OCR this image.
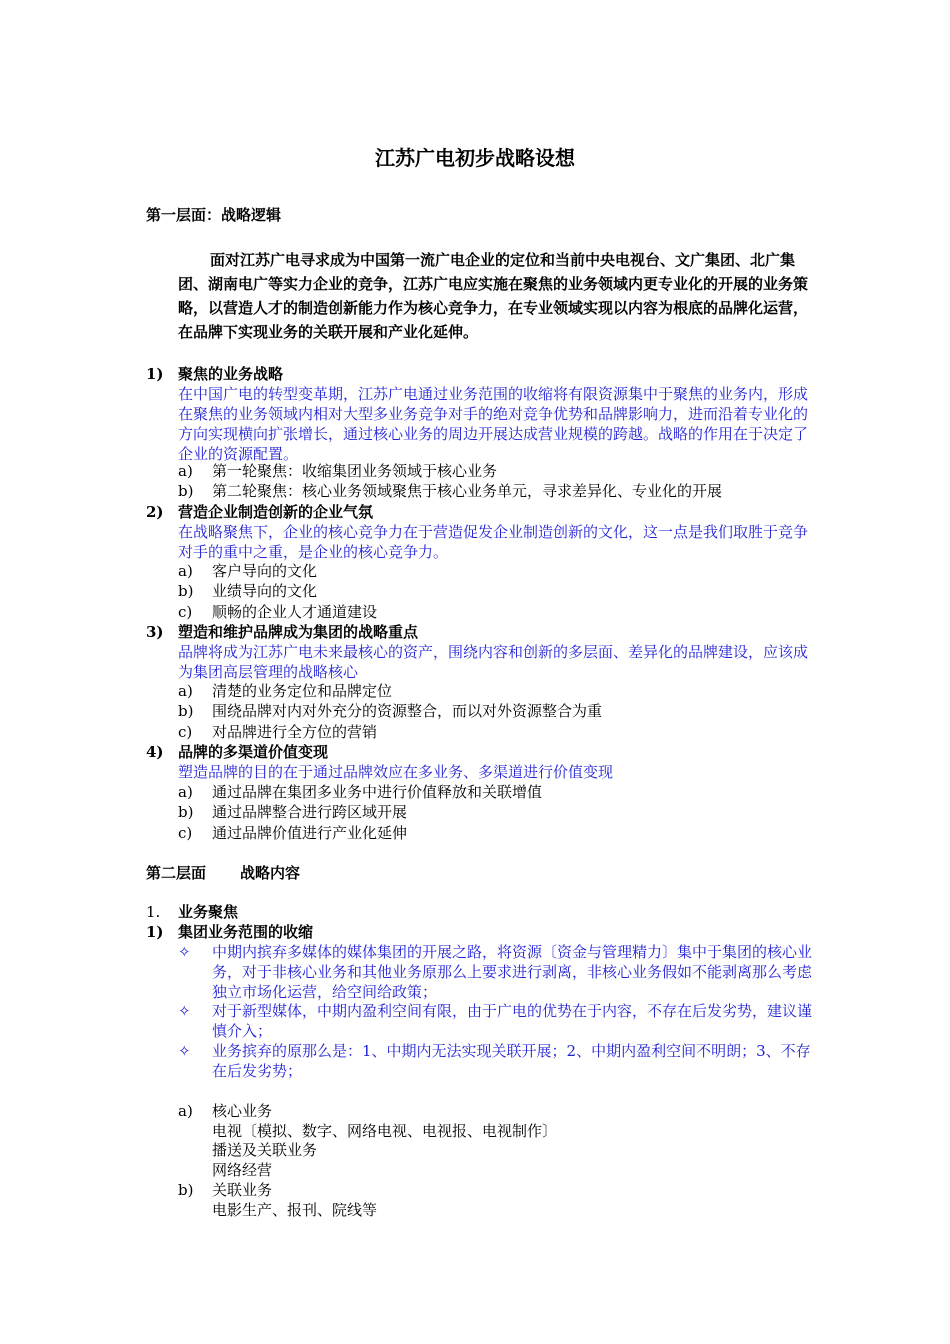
江苏广电初步战略设想
第一层面：战略逻辑
面对江苏广电寻求成为中国第一流广电企业的定位和当前中央电视台、文广集团、北广集团、湖南电广等实力企业的竞争，江苏广电应实施在聚焦的业务领域内更专业化的开展的业务策略，以营造人才的制造创新能力作为核心竞争力，在专业领域实现以内容为根底的品牌化运营，在品牌下实现业务的关联开展和产业化延伸。
1) 聚焦的业务战略
在中国广电的转型变革期，江苏广电通过业务范围的收缩将有限资源集中于聚焦的业务内，形成在聚焦的业务领域内相对大型多业务竞争对手的绝对竞争优势和品牌影响力，进而沿着专业化的方向实现横向扩张增长，通过核心业务的周边开展达成营业规模的跨越。战略的作用在于决定了企业的资源配置。
a) 第一轮聚焦：收缩集团业务领域于核心业务
b) 第二轮聚焦：核心业务领域聚焦于核心业务单元，寻求差异化、专业化的开展
2) 营造企业制造创新的企业气氛
在战略聚焦下，企业的核心竞争力在于营造促发企业制造创新的文化，这一点是我们取胜于竞争对手的重中之重，是企业的核心竞争力。
a) 客户导向的文化
b) 业绩导向的文化
c) 顺畅的企业人才通道建设
3) 塑造和维护品牌成为集团的战略重点
品牌将成为江苏广电未来最核心的资产，围绕内容和创新的多层面、差异化的品牌建设，应该成为集团高层管理的战略核心
a) 清楚的业务定位和品牌定位
b) 围绕品牌对内对外充分的资源整合，而以对外资源整合为重
c) 对品牌进行全方位的营销
4) 品牌的多渠道价值变现
塑造品牌的目的在于通过品牌效应在多业务、多渠道进行价值变现
a) 通过品牌在集团多业务中进行价值释放和关联增值
b) 通过品牌整合进行跨区域开展
c) 通过品牌价值进行产业化延伸
第二层面 战略内容
1. 业务聚焦
1) 集团业务范围的收缩
✧ 中期内摈弃多媒体的媒体集团的开展之路，将资源〔资金与管理精力〕集中于集团的核心业务，对于非核心业务和其他业务原那么上要求进行剥离，非核心业务假如不能剥离那么考虑独立市场化运营，给空间给政策；
✧ 对于新型媒体，中期内盈利空间有限，由于广电的优势在于内容，不存在后发劣势，建议谨慎介入；
✧ 业务摈弃的原那么是：1、中期内无法实现关联开展；2、中期内盈利空间不明朗；3、不存在后发劣势；
a) 核心业务
电视〔模拟、数字、网络电视、电视报、电视制作〕
播送及关联业务
网络经营
b) 关联业务
电影生产、报刊、院线等
